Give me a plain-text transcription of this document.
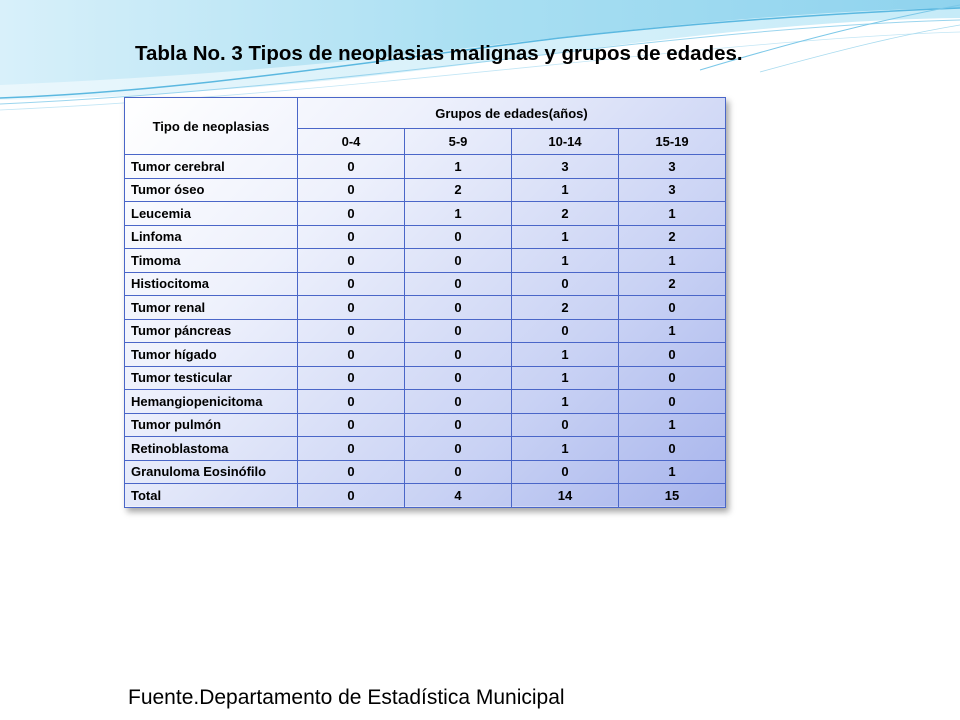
Tabla No. 3 Tipos de neoplasias malignas y grupos de edades.
Tipo de neoplasias	Grupos de edades(años)			
	0-4	5-9	10-14	15-19
Tumor cerebral	0	1	3	3
Tumor óseo	0	2	1	3
Leucemia	0	1	2	1
Linfoma	0	0	1	2
Timoma	0	0	1	1
Histiocitoma	0	0	0	2
Tumor renal	0	0	2	0
Tumor páncreas	0	0	0	1
Tumor hígado	0	0	1	0
Tumor testicular	0	0	1	0
Hemangiopenicitoma	0	0	1	0
Tumor pulmón	0	0	0	1
Retinoblastoma	0	0	1	0
Granuloma Eosinófilo	0	0	0	1
Total	0	4	14	15
Fuente.Departamento de Estadística Municipal
